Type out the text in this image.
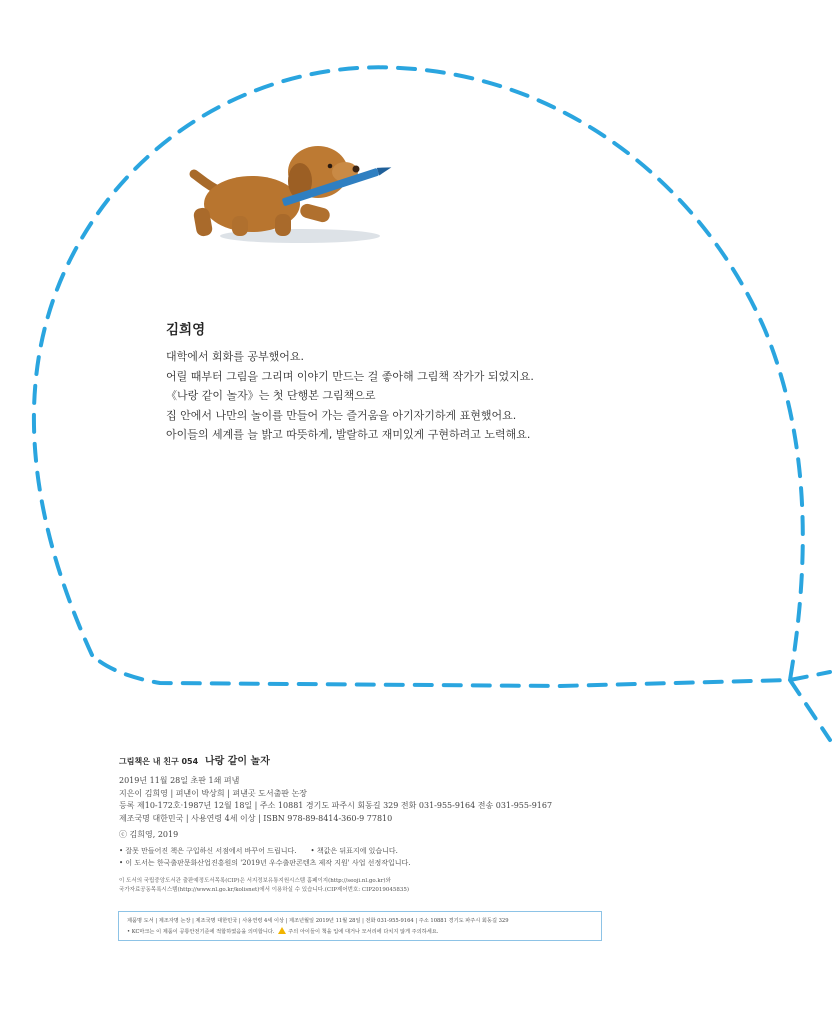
김희영
대학에서 회화를 공부했어요.
어릴 때부터 그림을 그리며 이야기 만드는 걸 좋아해 그림책 작가가 되었지요.
《나랑 같이 놀자》는 첫 단행본 그림책으로
집 안에서 나만의 놀이를 만들어 가는 즐거움을 아기자기하게 표현했어요.
아이들의 세계를 늘 밝고 따뜻하게, 발랄하고 재미있게 구현하려고 노력해요.
그림책은 내 친구 054 나랑 같이 놀자
2019년 11월 28일 초판 1쇄 펴냄
지은이 김희영 | 펴낸이 박상희 | 펴낸곳 도서출판 논장
등록 제10-172호·1987년 12월 18일 | 주소 10881 경기도 파주시 회동길 329 전화 031-955-9164 전송 031-955-9167
제조국명 대한민국 | 사용연령 4세 이상 | ISBN 978-89-8414-360-9 77810
ⓒ 김희영, 2019
• 잘못 만들어진 책은 구입하신 서점에서 바꾸어 드립니다. • 책값은 뒤표지에 있습니다.
• 이 도서는 한국출판문화산업진흥원의 '2019년 우수출판콘텐츠 제작 지원' 사업 선정작입니다.
이 도서의 국립중앙도서관 출판예정도서목록(CIP)은 서지정보유통지원시스템 홈페이지(http://seoji.nl.go.kr)와
국가자료공동목록시스템(http://www.nl.go.kr/kolisnet)에서 이용하실 수 있습니다.(CIP제어번호: CIP2019045835)
제품명 도서 | 제조자명 논장 | 제조국명 대한민국 | 사용연령 4세 이상 | 제조년월일 2019년 11월 28일 | 전화 031-955-9164 | 주소 10881 경기도 파주시 회동길 329
• KC마크는 이 제품이 공통안전기준에 적합하였음을 의미합니다.	주의 아이들이 책을 입에 대거나 모서리에 다치지 않게 주의하세요.
